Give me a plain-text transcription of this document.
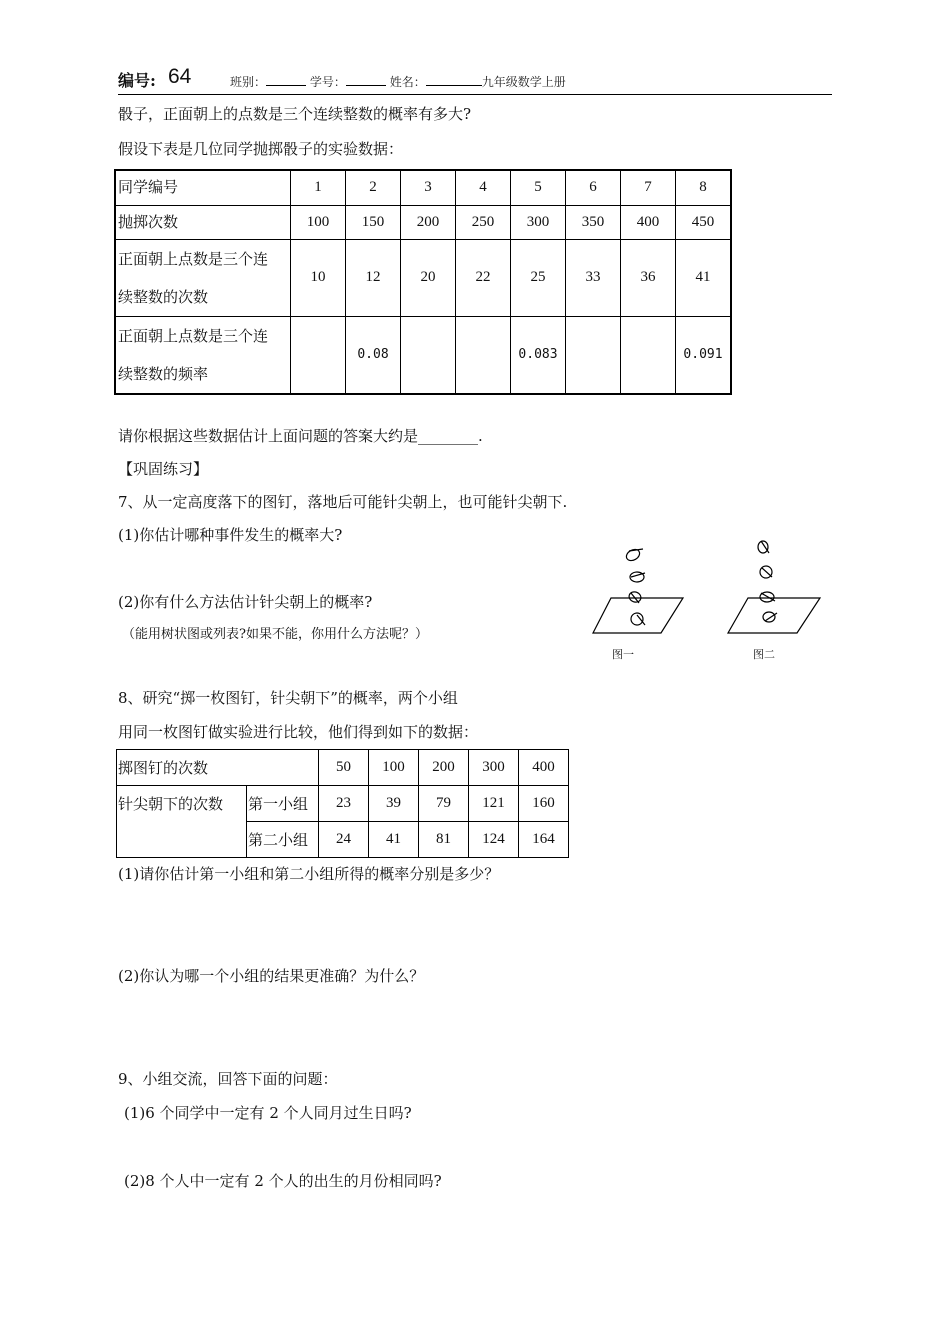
编号: 64	班别：	学号：	姓名：	九年级数学上册
骰子，正面朝上的点数是三个连续整数的概率有多大?
假设下表是几位同学抛掷骰子的实验数据：
同学编号	1	2	3	4	5	6	7	8
抛掷次数	100	150	200	250	300	350	400	450
正面朝上点数是三个连
续整数的次数	10	12	20	22	25	33	36	41
正面朝上点数是三个连
续整数的频率		0.08			0.083			0.091
请你根据这些数据估计上面问题的答案大约是________.
【巩固练习】
7、从一定高度落下的图钉，落地后可能针尖朝上，也可能针尖朝下.
(1)你估计哪种事件发生的概率大?
(2)你有什么方法估计针尖朝上的概率?
（能用树状图或列表?如果不能，你用什么方法呢？）
图一	图二
8、研究“掷一枚图钉，针尖朝下”的概率，两个小组
用同一枚图钉做实验进行比较，他们得到如下的数据：
掷图钉的次数		50	100	200	300	400
针尖朝下的次数	第一小组	23	39	79	121	160
	第二小组	24	41	81	124	164
(1)请你估计第一小组和第二小组所得的概率分别是多少？
(2)你认为哪一个小组的结果更准确？为什么？
9、小组交流，回答下面的问题：
(1)6 个同学中一定有 2 个人同月过生日吗?
(2)8 个人中一定有 2 个人的出生的月份相同吗?
